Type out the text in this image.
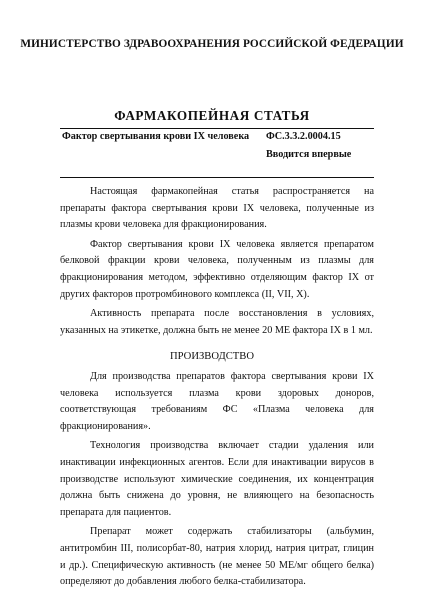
МИНИСТЕРСТВО ЗДРАВООХРАНЕНИЯ РОССИЙСКОЙ ФЕДЕРАЦИИ
ФАРМАКОПЕЙНАЯ СТАТЬЯ
Фактор свертывания крови IX человека ФС.3.3.2.0004.15
Вводится впервые

Настоящая фармакопейная статья распространяется на препараты фактора свертывания крови IX человека, полученные из плазмы крови человека для фракционирования.

Фактор свертывания крови IX человека является препаратом белковой фракции крови человека, полученным из плазмы для фракционирования методом, эффективно отделяющим фактор IX от других факторов протромбинового комплекса (II, VII, X).

Активность препарата после восстановления в условиях, указанных на этикетке, должна быть не менее 20 МЕ фактора IX в 1 мл.

ПРОИЗВОДСТВО

Для производства препаратов фактора свертывания крови IX человека используется плазма крови здоровых доноров, соответствующая требованиям ФС «Плазма человека для фракционирования».

Технология производства включает стадии удаления или инактивации инфекционных агентов. Если для инактивации вирусов в производстве используют химические соединения, их концентрация должна быть снижена до уровня, не влияющего на безопасность препарата для пациентов.

Препарат может содержать стабилизаторы (альбумин, антитромбин III, полисорбат-80, натрия хлорид, натрия цитрат, глицин и др.). Специфическую активность (не менее 50 МЕ/мг общего белка) определяют до добавления любого белка-стабилизатора.
